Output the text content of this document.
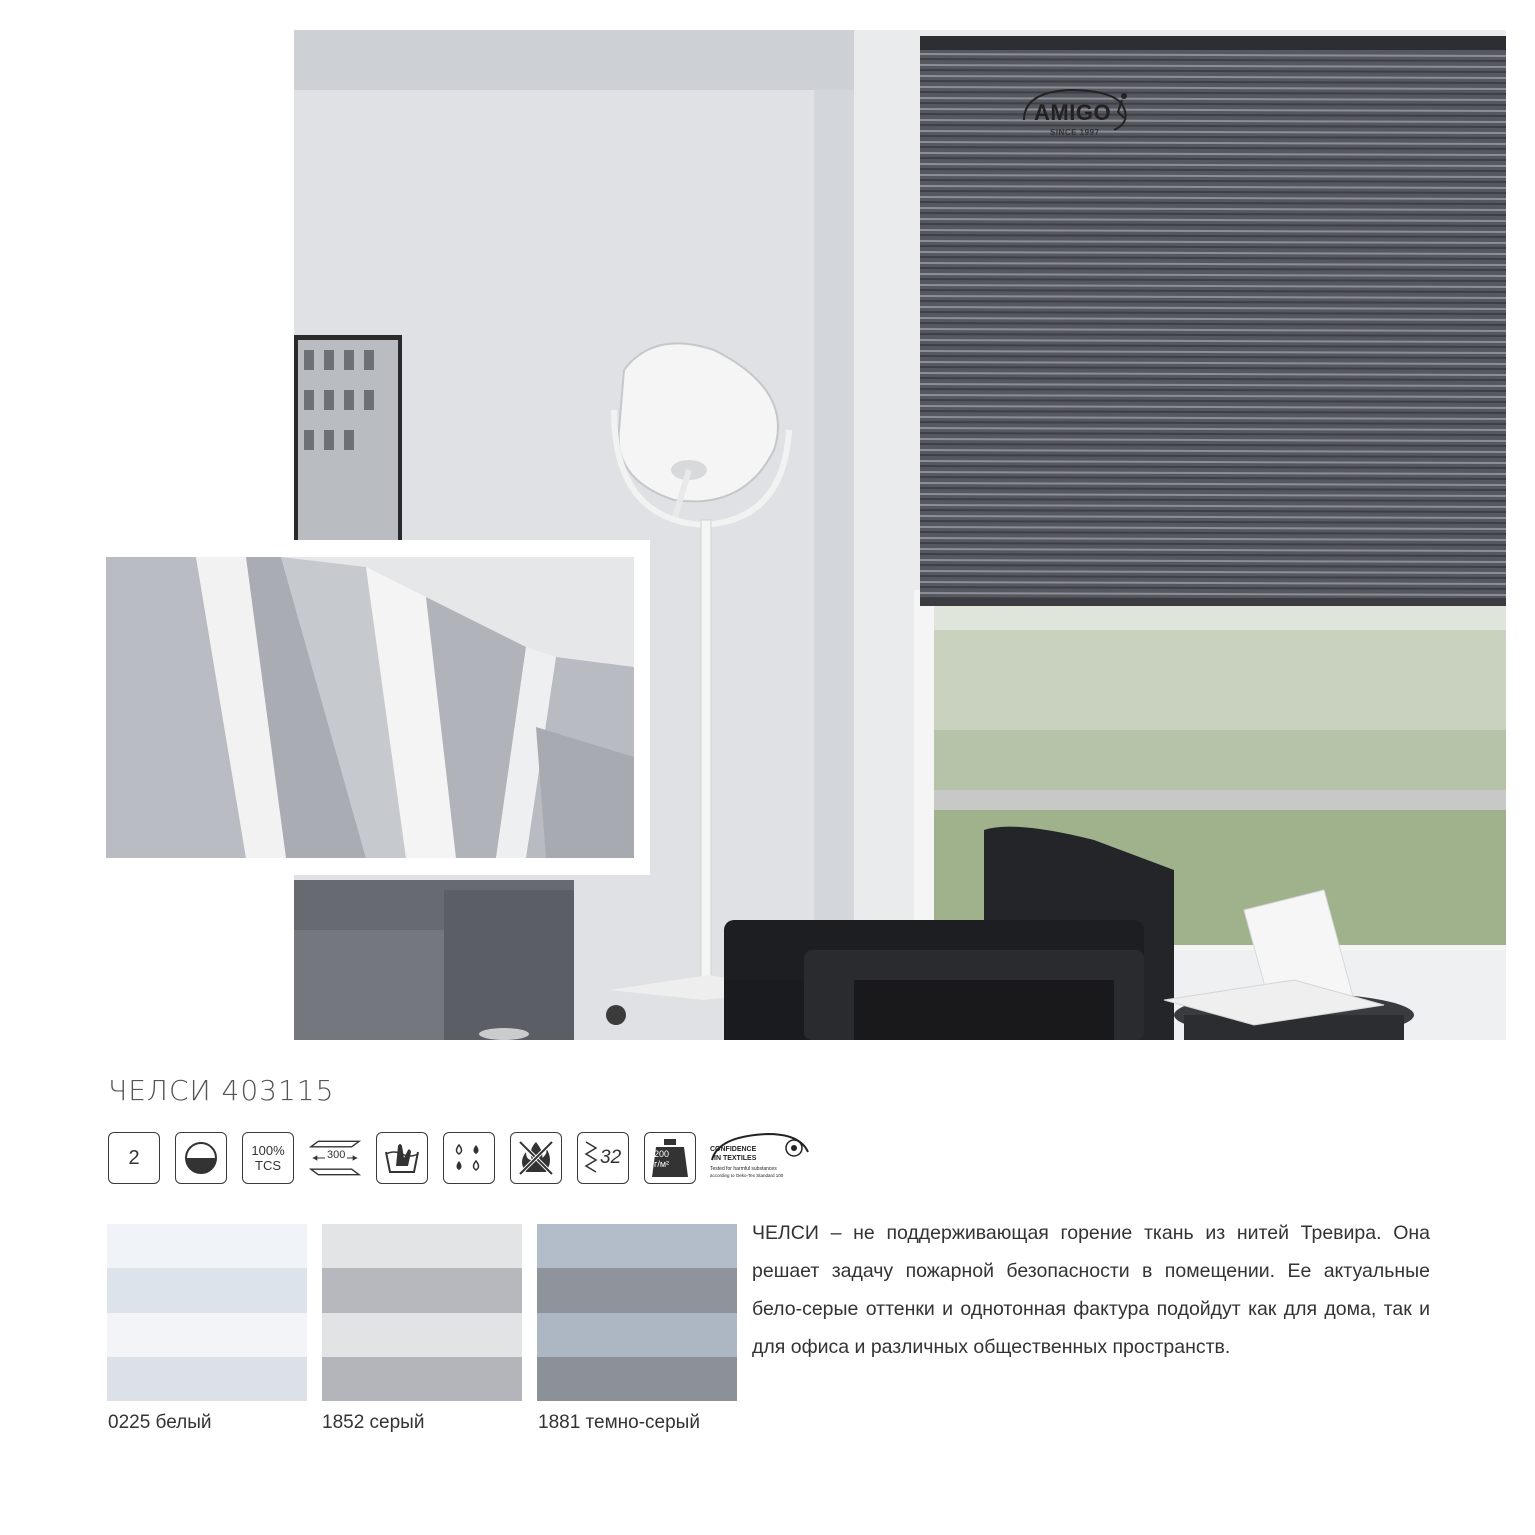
AMIGO
SINCE 1997
ЧЕЛСИ 403115
2	100%
TCS
300	32	200
г/м²
CONFIDENCE
IN TEXTILES
Tested for harmful substances
according to Oeko-Tex Standard 100
0225 белый	1852 серый	1881 темно-серый
ЧЕЛСИ – не поддерживающая горение ткань из нитей Тревира. Она решает задачу пожарной безопасности в помещении. Ее актуальные бело-серые оттенки и однотонная фактура подойдут как для дома, так и для офиса и различных общественных пространств.
